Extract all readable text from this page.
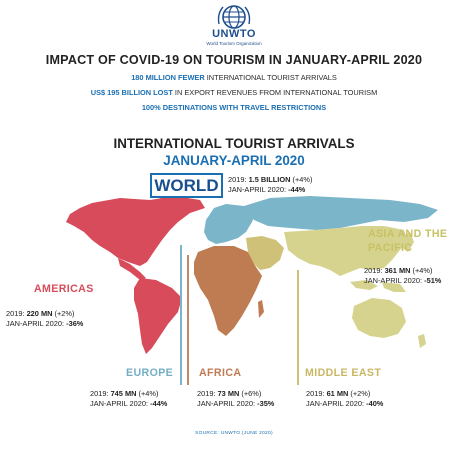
UNWTO
World Tourism Organization
IMPACT OF COVID-19 ON TOURISM IN JANUARY-APRIL 2020
180 MILLION FEWER INTERNATIONAL TOURIST ARRIVALS
US$ 195 BILLION LOST IN EXPORT REVENUES FROM INTERNATIONAL TOURISM
100% DESTINATIONS WITH TRAVEL RESTRICTIONS
INTERNATIONAL TOURIST ARRIVALS
JANUARY-APRIL 2020
WORLD	2019: 1.5 BILLION (+4%)
JAN-APRIL 2020: -44%
AMERICAS
2019: 220 MN (+2%)
JAN-APRIL 2020: -36%
ASIA AND THE
PACIFIC
2019: 361 MN (+4%)
JAN-APRIL 2020: -51%
EUROPE
2019: 745 MN (+4%)
JAN-APRIL 2020: -44%
AFRICA
2019: 73 MN (+6%)
JAN-APRIL 2020: -35%
MIDDLE EAST
2019: 61 MN (+2%)
JAN-APRIL 2020: -40%
SOURCE: UNWTO (JUNE 2020)
